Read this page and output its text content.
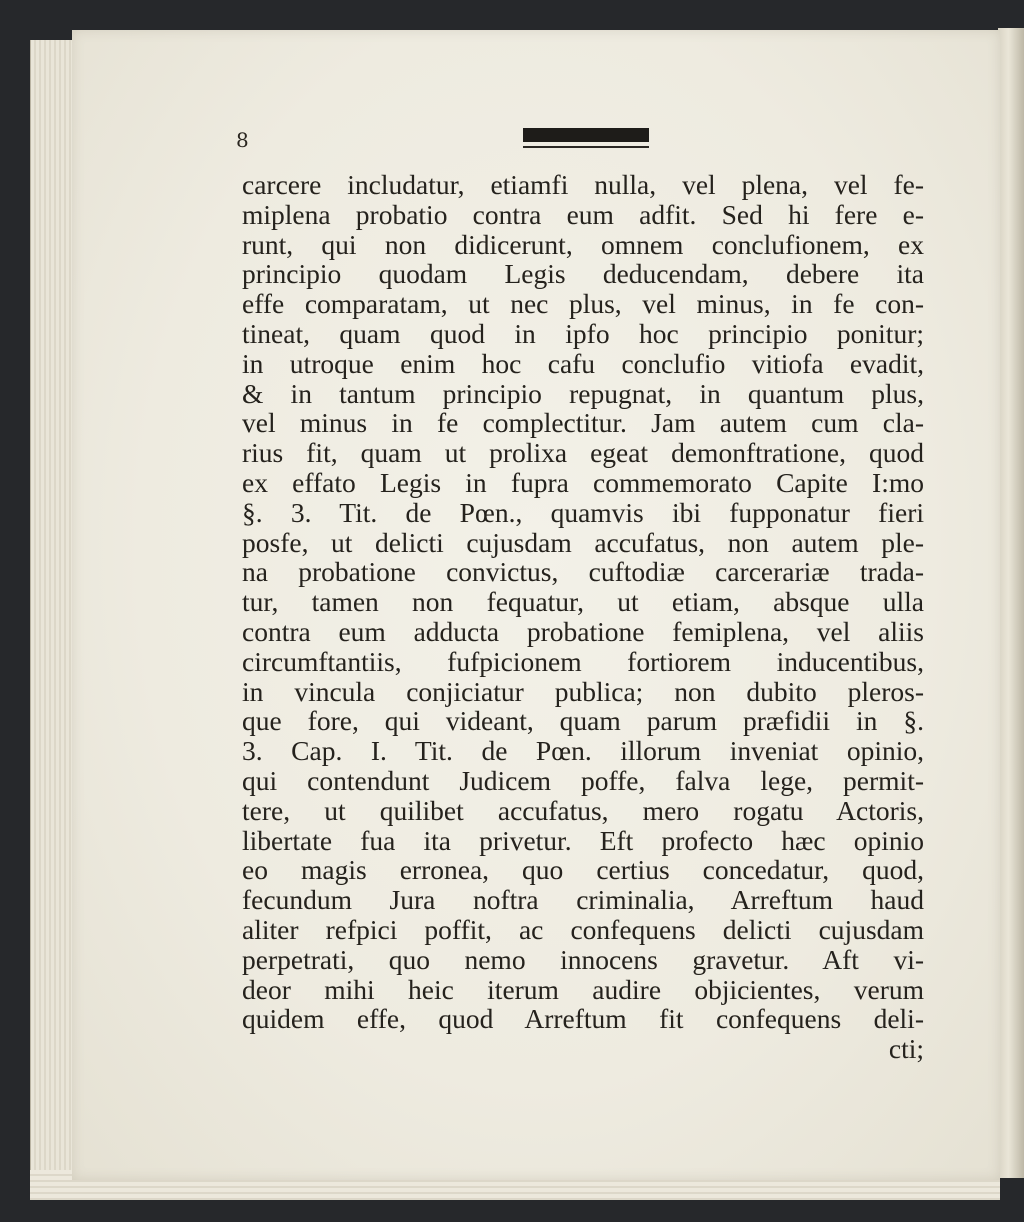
8
carcere includatur, etiamfi nulla, vel plena, vel fe-
miplena probatio contra eum adfit. Sed hi fere e-
runt, qui non didicerunt, omnem conclufionem, ex
principio quodam Legis deducendam, debere ita
effe comparatam, ut nec plus, vel minus, in fe con-
tineat, quam quod in ipfo hoc principio ponitur;
in utroque enim hoc cafu conclufio vitiofa evadit,
& in tantum principio repugnat, in quantum plus,
vel minus in fe complectitur. Jam autem cum cla-
rius fit, quam ut prolixa egeat demonftratione, quod
ex effato Legis in fupra commemorato Capite I:mo
§. 3. Tit. de Pœn., quamvis ibi fupponatur fieri
posfe, ut delicti cujusdam accufatus, non autem ple-
na probatione convictus, cuftodiæ carcerariæ trada-
tur, tamen non fequatur, ut etiam, absque ulla
contra eum adducta probatione femiplena, vel aliis
circumftantiis, fufpicionem fortiorem inducentibus,
in vincula conjiciatur publica; non dubito pleros-
que fore, qui videant, quam parum præfidii in §.
3. Cap. I. Tit. de Pœn. illorum inveniat opinio,
qui contendunt Judicem poffe, falva lege, permit-
tere, ut quilibet accufatus, mero rogatu Actoris,
libertate fua ita privetur. Eft profecto hæc opinio
eo magis erronea, quo certius concedatur, quod,
fecundum Jura noftra criminalia, Arreftum haud
aliter refpici poffit, ac confequens delicti cujusdam
perpetrati, quo nemo innocens gravetur. Aft vi-
deor mihi heic iterum audire objicientes, verum
quidem effe, quod Arreftum fit confequens deli-
cti;
